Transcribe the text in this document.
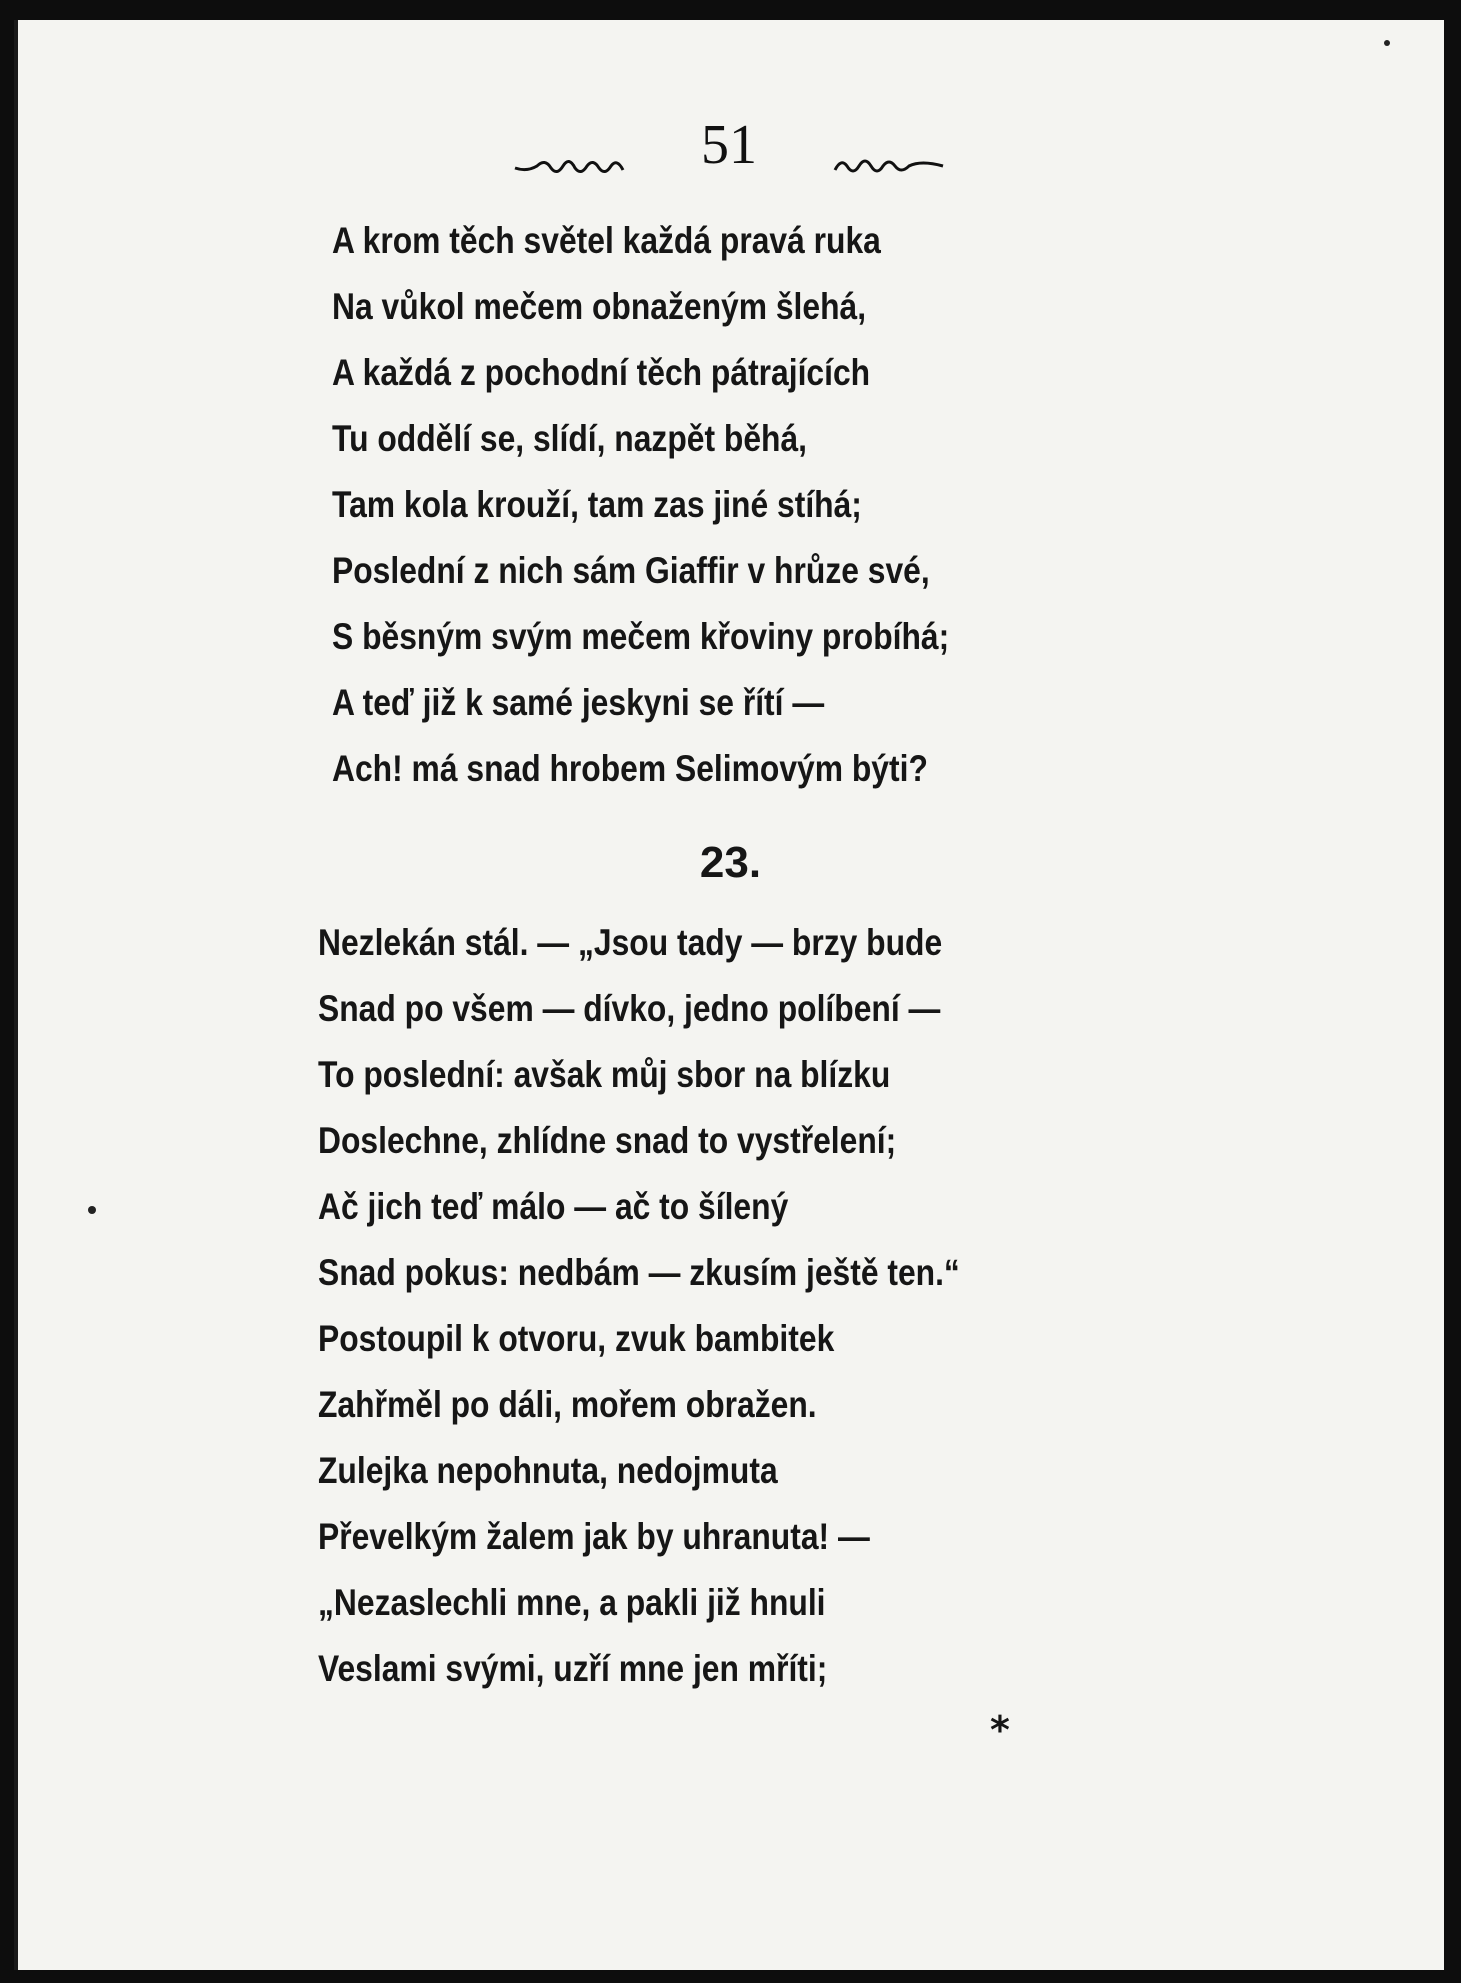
51
A krom těch světel každá pravá ruka
Na vůkol mečem obnaženým šlehá,
A každá z pochodní těch pátrajících
Tu oddělí se, slídí, nazpět běhá,
Tam kola krouží, tam zas jiné stíhá;
Poslední z nich sám Giaffir v hrůze své,
S běsným svým mečem křoviny probíhá;
A teď již k samé jeskyni se řítí —
Ach! má snad hrobem Selimovým býti?
23.
Nezlekán stál. — „Jsou tady — brzy bude
Snad po všem — dívko, jedno políbení —
To poslední: avšak můj sbor na blízku
Doslechne, zhlídne snad to vystřelení;
Ač jich teď málo — ač to šílený
Snad pokus: nedbám — zkusím ještě ten.“
Postoupil k otvoru, zvuk bambitek
Zahřměl po dáli, mořem obražen.
Zulejka nepohnuta, nedojmuta
Převelkým žalem jak by uhranuta! —
„Nezaslechli mne, a pakli již hnuli
Veslami svými, uzří mne jen mříti;
*
